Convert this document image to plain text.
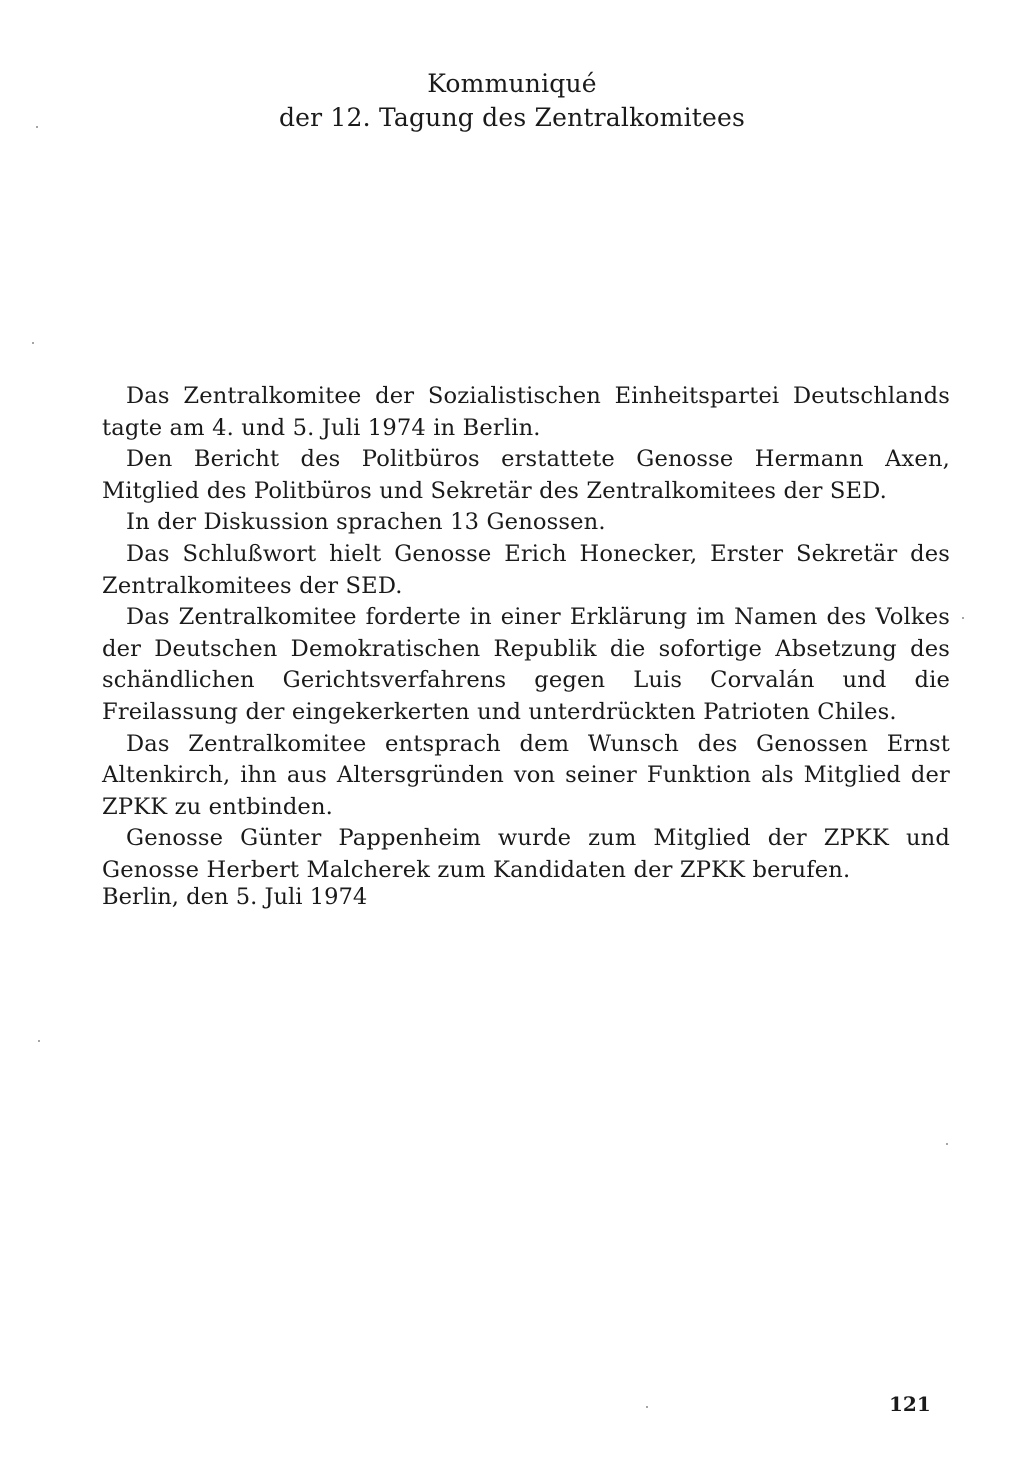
Kommuniqué
der 12. Tagung des Zentralkomitees

Das Zentralkomitee der Sozialistischen Einheitspartei Deutschlands tagte am 4. und 5. Juli 1974 in Berlin.

Den Bericht des Politbüros erstattete Genosse Hermann Axen, Mitglied des Politbüros und Sekretär des Zentralkomitees der SED.

In der Diskussion sprachen 13 Genossen.

Das Schlußwort hielt Genosse Erich Honecker, Erster Sekretär des Zentralkomitees der SED.

Das Zentralkomitee forderte in einer Erklärung im Namen des Volkes der Deutschen Demokratischen Republik die sofortige Absetzung des schändlichen Gerichtsverfahrens gegen Luis Corvalán und die Freilassung der eingekerkerten und unterdrückten Patrioten Chiles.

Das Zentralkomitee entsprach dem Wunsch des Genossen Ernst Altenkirch, ihn aus Altersgründen von seiner Funktion als Mitglied der ZPKK zu entbinden.

Genosse Günter Pappenheim wurde zum Mitglied der ZPKK und Genosse Herbert Malcherek zum Kandidaten der ZPKK berufen.

Berlin, den 5. Juli 1974

121
